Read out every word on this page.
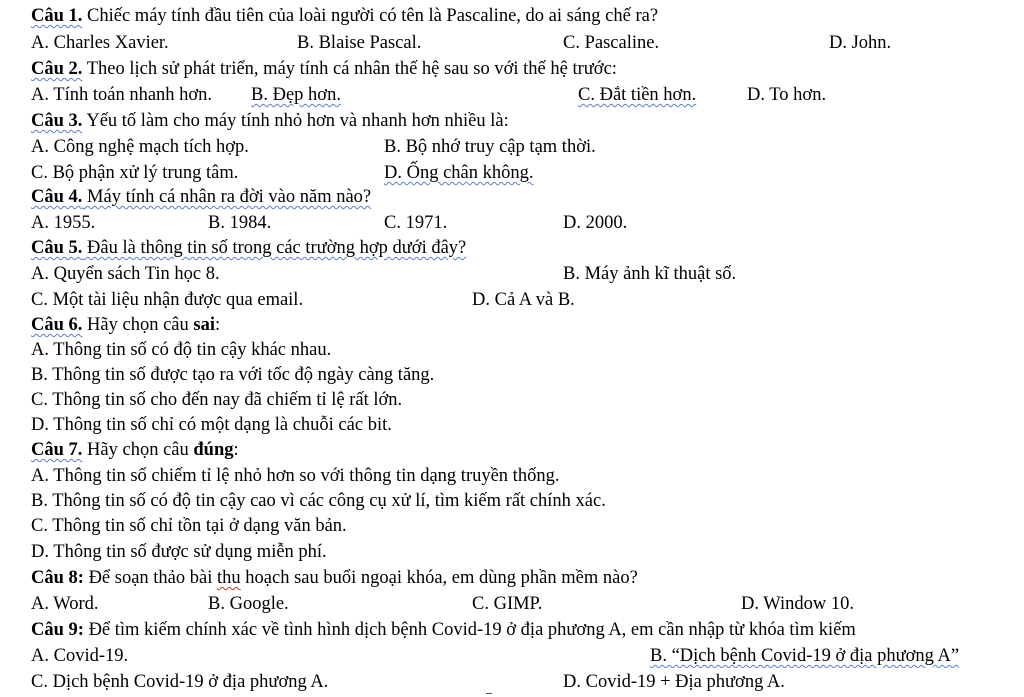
Câu 1. Chiếc máy tính đầu tiên của loài người có tên là Pascaline, do ai sáng chế ra?
A. Charles Xavier.	B. Blaise Pascal.	C. Pascaline.	D. John.
Câu 2. Theo lịch sử phát triển, máy tính cá nhân thế hệ sau so với thế hệ trước:
A. Tính toán nhanh hơn. B. Đẹp hơn.	C. Đắt tiền hơn.	D. To hơn.
Câu 3. Yếu tố làm cho máy tính nhỏ hơn và nhanh hơn nhiều là:
A. Công nghệ mạch tích hợp.	B. Bộ nhớ truy cập tạm thời.
C. Bộ phận xử lý trung tâm.	D. Ống chân không.
Câu 4. Máy tính cá nhân ra đời vào năm nào?
A. 1955.	B. 1984.	C. 1971.	D. 2000.
Câu 5. Đâu là thông tin số trong các trường hợp dưới đây?
A. Quyển sách Tin học 8.	B. Máy ảnh kĩ thuật số.
C. Một tài liệu nhận được qua email.	D. Cả A và B.
Câu 6. Hãy chọn câu sai:
A. Thông tin số có độ tin cậy khác nhau.
B. Thông tin số được tạo ra với tốc độ ngày càng tăng.
C. Thông tin số cho đến nay đã chiếm tỉ lệ rất lớn.
D. Thông tin số chỉ có một dạng là chuỗi các bit.
Câu 7. Hãy chọn câu đúng:
A. Thông tin số chiếm tỉ lệ nhỏ hơn so với thông tin dạng truyền thống.
B. Thông tin số có độ tin cậy cao vì các công cụ xử lí, tìm kiếm rất chính xác.
C. Thông tin số chỉ tồn tại ở dạng văn bản.
D. Thông tin số được sử dụng miễn phí.
Câu 8: Để soạn thảo bài thu hoạch sau buổi ngoại khóa, em dùng phần mềm nào?
A. Word.	B. Google.	C. GIMP.	D. Window 10.
Câu 9: Để tìm kiếm chính xác về tình hình dịch bệnh Covid-19 ở địa phương A, em cần nhập từ khóa tìm kiếm
A. Covid-19.	B. “Dịch bệnh Covid-19 ở địa phương A”
C. Dịch bệnh Covid-19 ở địa phương A.	D. Covid-19 + Địa phương A.
